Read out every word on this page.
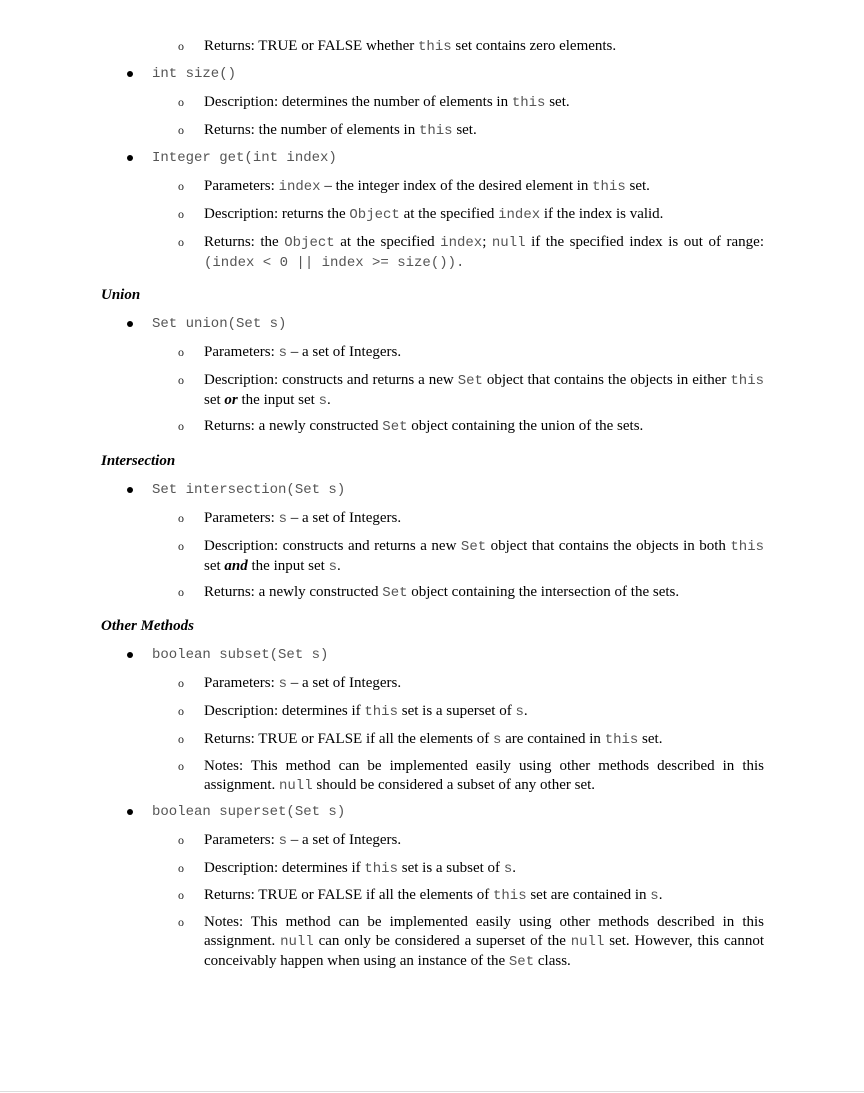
o Returns: TRUE or FALSE whether this set contains zero elements.
int size()
o Description: determines the number of elements in this set.
o Returns: the number of elements in this set.
Integer get(int index)
o Parameters: index – the integer index of the desired element in this set.
o Description: returns the Object at the specified index if the index is valid.
o Returns: the Object at the specified index; null if the specified index is out of range: (index < 0 || index >= size()).
Union
Set union(Set s)
o Parameters: s – a set of Integers.
o Description: constructs and returns a new Set object that contains the objects in either this set or the input set s.
o Returns: a newly constructed Set object containing the union of the sets.
Intersection
Set intersection(Set s)
o Parameters: s – a set of Integers.
o Description: constructs and returns a new Set object that contains the objects in both this set and the input set s.
o Returns: a newly constructed Set object containing the intersection of the sets.
Other Methods
boolean subset(Set s)
o Parameters: s – a set of Integers.
o Description: determines if this set is a superset of s.
o Returns: TRUE or FALSE if all the elements of s are contained in this set.
o Notes: This method can be implemented easily using other methods described in this assignment. null should be considered a subset of any other set.
boolean superset(Set s)
o Parameters: s – a set of Integers.
o Description: determines if this set is a subset of s.
o Returns: TRUE or FALSE if all the elements of this set are contained in s.
o Notes: This method can be implemented easily using other methods described in this assignment. null can only be considered a superset of the null set. However, this cannot conceivably happen when using an instance of the Set class.
